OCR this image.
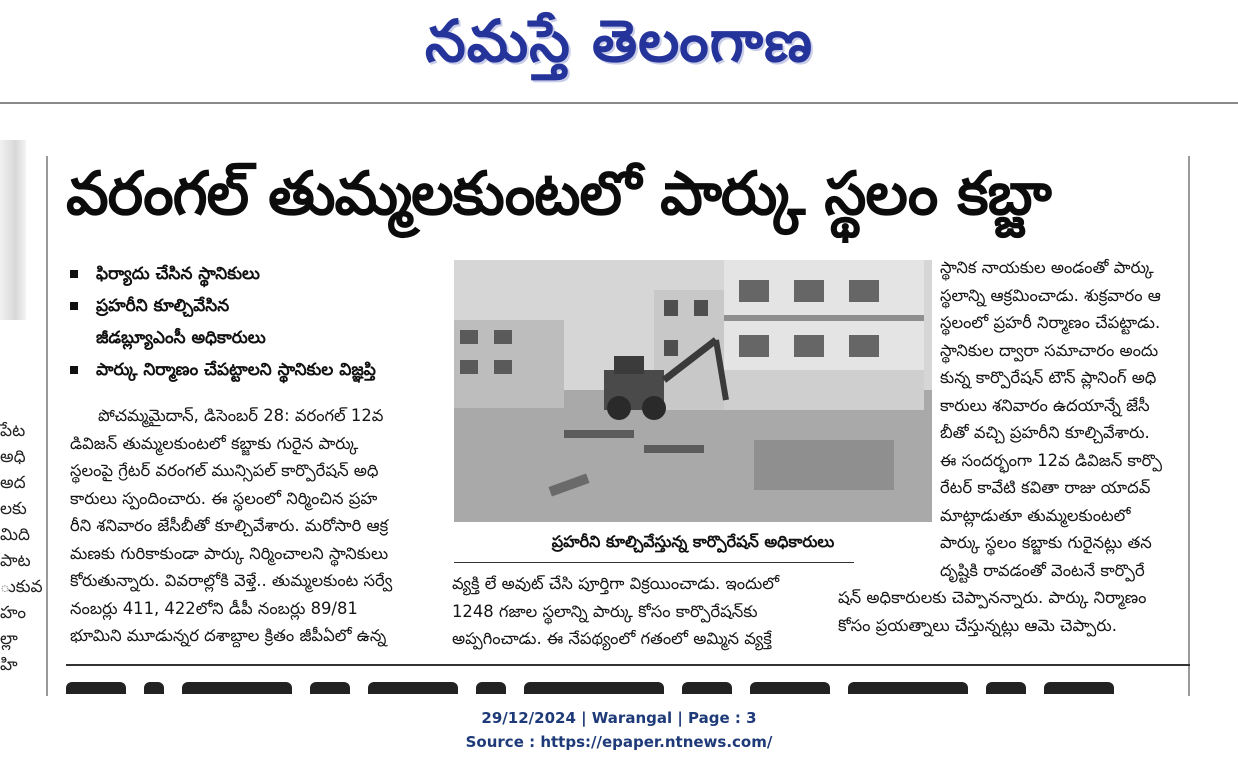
నమస్తే తెలంగాణ
పేట
అధి
అద
లకు
మిది
పాట
ుకువ
హం
ల్లా
హి
వరంగల్ తుమ్మలకుంటలో పార్కు స్థలం కబ్జా
ఫిర్యాదు చేసిన స్థానికులు
ప్రహరీని కూల్చివేసిన
జీడబ్ల్యూఎంసీ అధికారులు
పార్కు నిర్మాణం చేపట్టాలని స్థానికుల విజ్ఞప్తి
పోచమ్మమైదాన్, డిసెంబర్ 28: వరంగల్ 12వ
డివిజన్ తుమ్మలకుంటలో కబ్జాకు గురైన పార్కు
స్థలంపై గ్రేటర్ వరంగల్ మున్సిపల్ కార్పొరేషన్ అధి
కారులు స్పందించారు. ఈ స్థలంలో నిర్మించిన ప్రహ
రీని శనివారం జేసీబీతో కూల్చివేశారు. మరోసారి ఆక్ర
మణకు గురికాకుండా పార్కు నిర్మించాలని స్థానికులు
కోరుతున్నారు. వివరాల్లోకి వెళ్తే.. తుమ్మలకుంట సర్వే
నంబర్లు 411, 422లోని డీపీ నంబర్లు 89/81
భూమిని మూడున్నర దశాబ్దాల క్రితం జీపీఏలో ఉన్న
ప్రహరీని కూల్చివేస్తున్న కార్పొరేషన్ అధికారులు
వ్యక్తి లే అవుట్ చేసి పూర్తిగా విక్రయించాడు. ఇందులో
1248 గజాల స్థలాన్ని పార్కు కోసం కార్పొరేషన్‌కు
అప్పగించాడు. ఈ నేపథ్యంలో గతంలో అమ్మిన వ్యక్తే
స్థానిక నాయకుల అండంతో పార్కు
స్థలాన్ని ఆక్రమించాడు. శుక్రవారం ఆ
స్థలంలో ప్రహరీ నిర్మాణం చేపట్టాడు.
స్థానికుల ద్వారా సమాచారం అందు
కున్న కార్పొరేషన్ టౌన్ ప్లానింగ్ అధి
కారులు శనివారం ఉదయాన్నే జేసీ
బీతో వచ్చి ప్రహరీని కూల్చివేశారు.
ఈ సందర్భంగా 12వ డివిజన్ కార్పొ
రేటర్ కావేటి కవితా రాజు యాదవ్
మాట్లాడుతూ తుమ్మలకుంటలో
పార్కు స్థలం కబ్జాకు గురైనట్లు తన
దృష్టికి రావడంతో వెంటనే కార్పొరే
షన్ అధికారులకు చెప్పానన్నారు. పార్కు నిర్మాణం
కోసం ప్రయత్నాలు చేస్తున్నట్లు ఆమె చెప్పారు.
29/12/2024 | Warangal | Page : 3
Source : https://epaper.ntnews.com/
